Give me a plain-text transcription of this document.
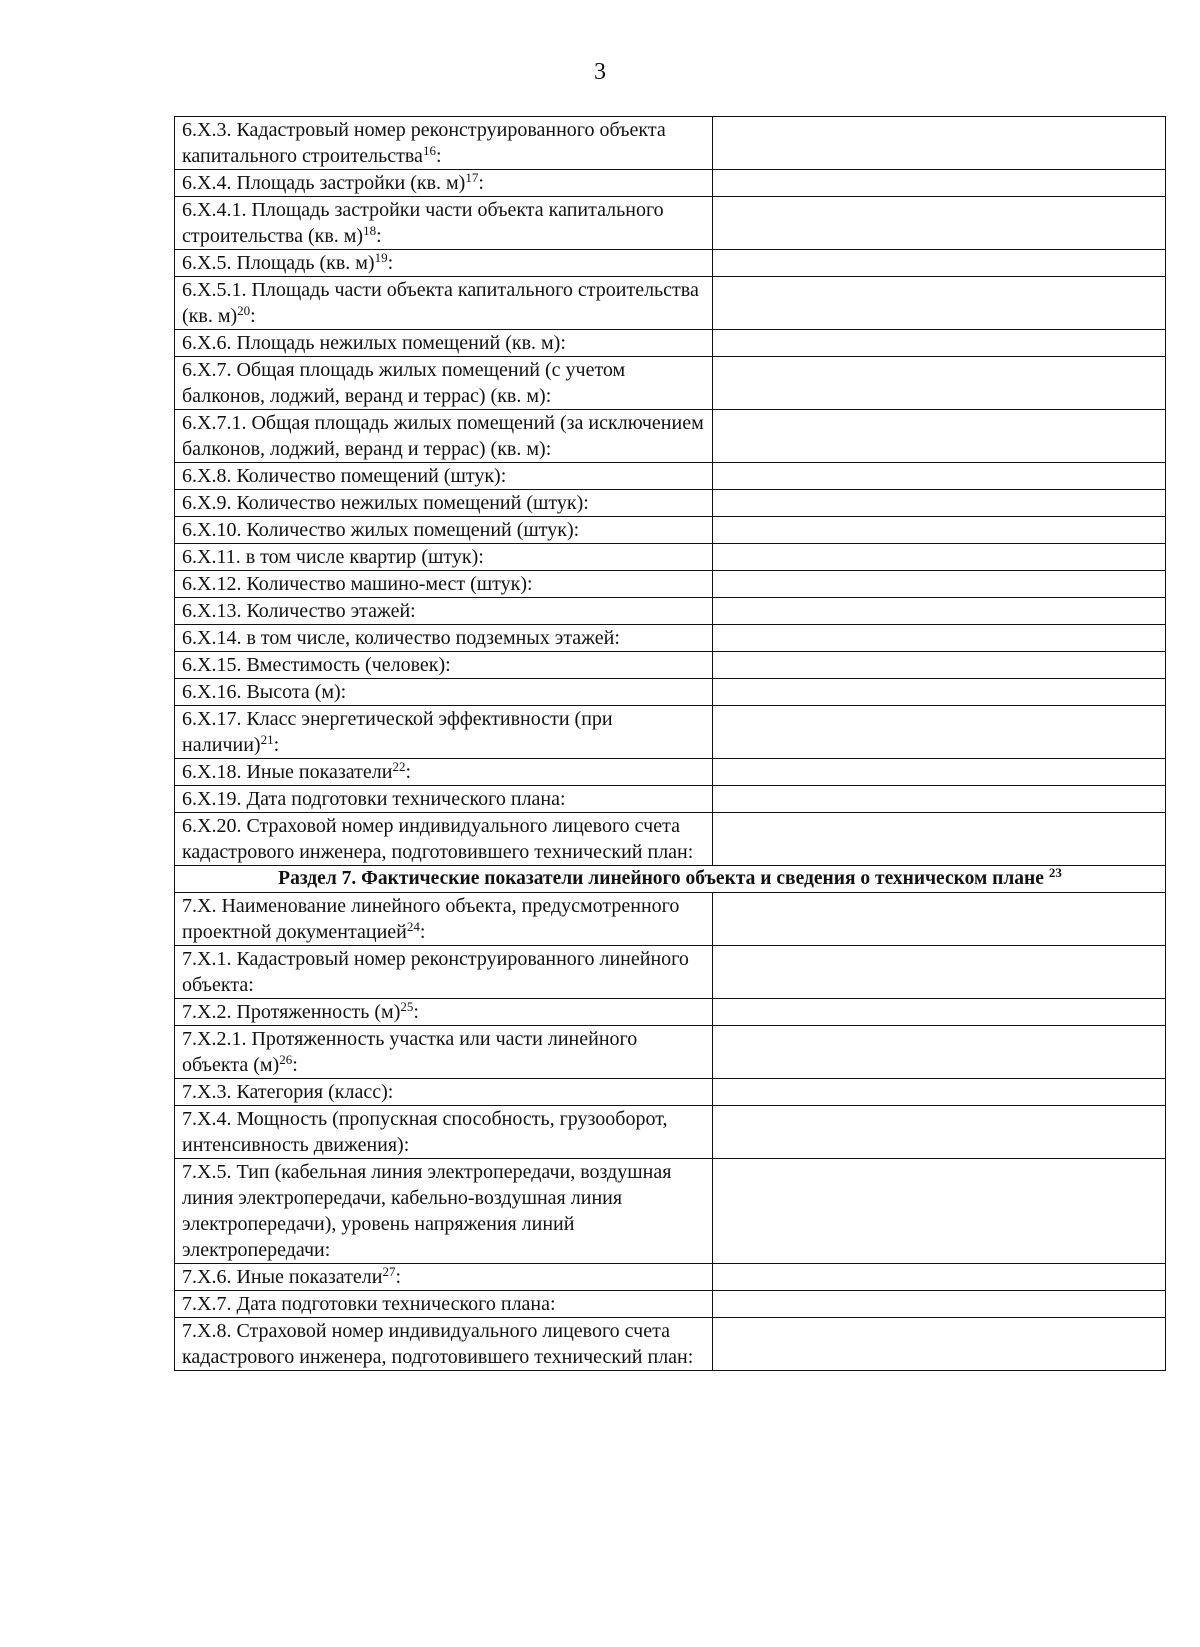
3
6.X.3. Кадастровый номер реконструированного объекта капитального строительства$^{16}$:	
6.X.4. Площадь застройки (кв. м)$^{17}$:	
6.X.4.1. Площадь застройки части объекта капитального строительства (кв. м)$^{18}$:	
6.X.5. Площадь (кв. м)$^{19}$:	
6.X.5.1. Площадь части объекта капитального строительства (кв. м)$^{20}$:	
6.X.6. Площадь нежилых помещений (кв. м):	
6.X.7. Общая площадь жилых помещений (с учетом балконов, лоджий, веранд и террас) (кв. м):	
6.X.7.1. Общая площадь жилых помещений (за исключением балконов, лоджий, веранд и террас) (кв. м):	
6.X.8. Количество помещений (штук):	
6.X.9. Количество нежилых помещений (штук):	
6.X.10. Количество жилых помещений (штук):	
6.X.11. в том числе квартир (штук):	
6.X.12. Количество машино-мест (штук):	
6.X.13. Количество этажей:	
6.X.14. в том числе, количество подземных этажей:	
6.X.15. Вместимость (человек):	
6.X.16. Высота (м):	
6.X.17. Класс энергетической эффективности (при наличии)$^{21}$:	
6.X.18. Иные показатели$^{22}$:	
6.X.19. Дата подготовки технического плана:	
6.X.20. Страховой номер индивидуального лицевого счета кадастрового инженера, подготовившего технический план:	
Раздел 7. Фактические показатели линейного объекта и сведения о техническом плане $^{23}$
7.X. Наименование линейного объекта, предусмотренного проектной документацией$^{24}$:	
7.X.1. Кадастровый номер реконструированного линейного объекта:	
7.X.2. Протяженность $(м)^{25}$:	
7.X.2.1. Протяженность участка или части линейного объекта $(м)^{26}$:	
7.X.3. Категория (класс):	
7.X.4. Мощность (пропускная способность, грузооборот, интенсивность движения):	
7.X.5. Тип (кабельная линия электропередачи, воздушная линия электропередачи, кабельно-воздушная линия электропередачи), уровень напряжения линий электропередачи:	
7.X.6. Иные показатели$^{27}$:	
7.X.7. Дата подготовки технического плана:	
7.X.8. Страховой номер индивидуального лицевого счета кадастрового инженера, подготовившего технический план:	
